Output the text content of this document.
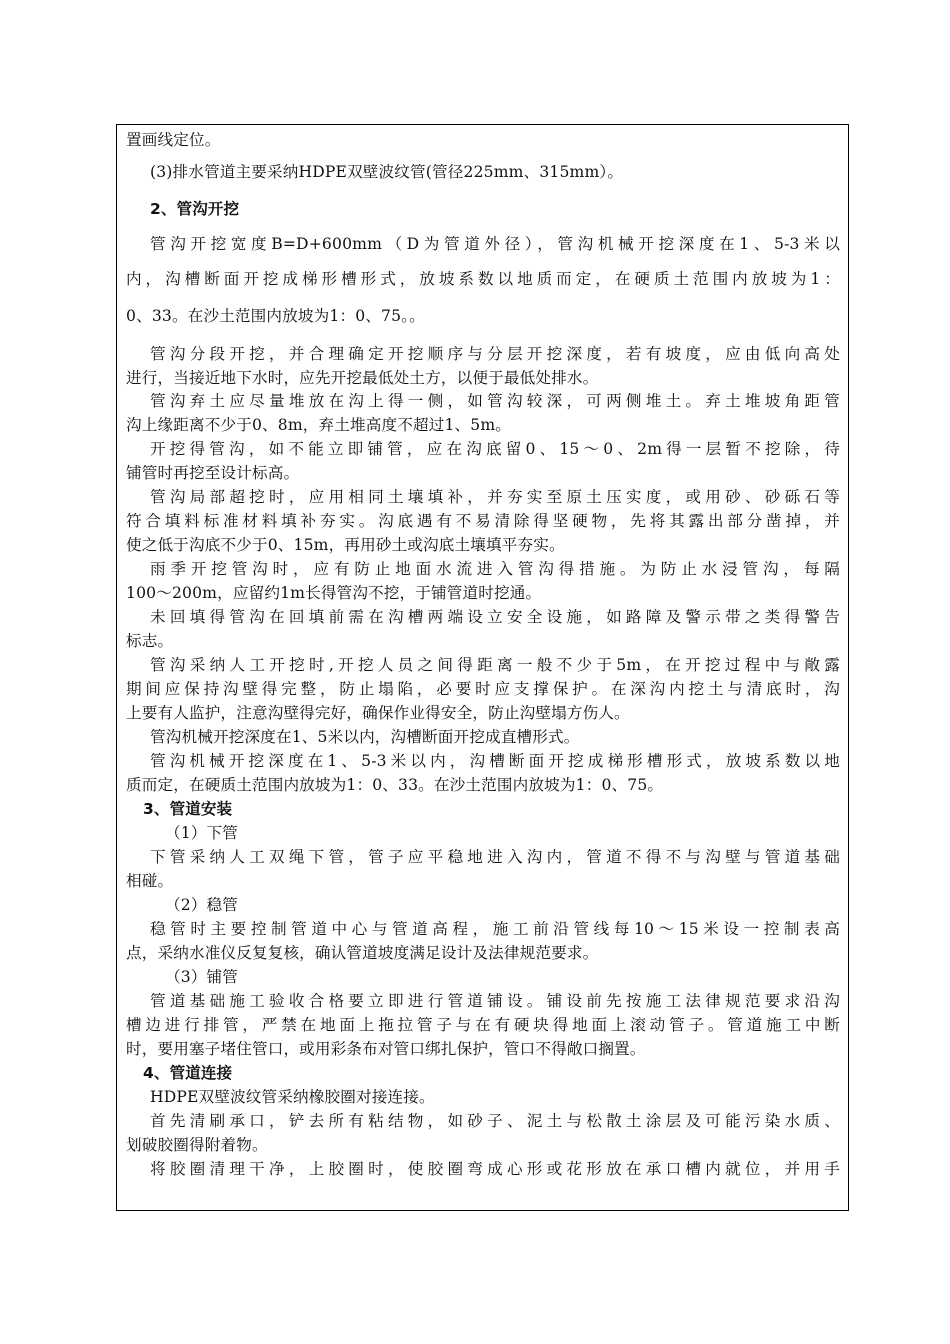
置画线定位。
(3)排水管道主要采纳HDPE双壁波纹管(管径225mm、315mm）。
2、管沟开挖
管沟开挖宽度B=D+600mm（D为管道外径），管沟机械开挖深度在1、5-3米以
内，沟槽断面开挖成梯形槽形式，放坡系数以地质而定，在硬质土范围内放坡为1：
0、33。在沙土范围内放坡为1：0、75。。
管沟分段开挖，并合理确定开挖顺序与分层开挖深度，若有坡度，应由低向高处
进行，当接近地下水时，应先开挖最低处土方，以便于最低处排水。
管沟弃土应尽量堆放在沟上得一侧，如管沟较深，可两侧堆土。弃土堆坡角距管
沟上缘距离不少于0、8m，弃土堆高度不超过1、5m。
开挖得管沟，如不能立即铺管，应在沟底留0、15～0、2m得一层暂不挖除，待
铺管时再挖至设计标高。
管沟局部超挖时，应用相同土壤填补，并夯实至原土压实度，或用砂、砂砾石等
符合填料标准材料填补夯实。沟底遇有不易清除得坚硬物，先将其露出部分凿掉，并
使之低于沟底不少于0、15m，再用砂土或沟底土壤填平夯实。
雨季开挖管沟时，应有防止地面水流进入管沟得措施。为防止水浸管沟，每隔
100～200m，应留约1m长得管沟不挖，于铺管道时挖通。
未回填得管沟在回填前需在沟槽两端设立安全设施，如路障及警示带之类得警告
标志。
管沟采纳人工开挖时,开挖人员之间得距离一般不少于5m，在开挖过程中与敞露
期间应保持沟壁得完整，防止塌陷，必要时应支撑保护。在深沟内挖土与清底时，沟
上要有人监护，注意沟壁得完好，确保作业得安全，防止沟壁塌方伤人。
管沟机械开挖深度在1、5米以内，沟槽断面开挖成直槽形式。
管沟机械开挖深度在1、5-3米以内，沟槽断面开挖成梯形槽形式，放坡系数以地
质而定，在硬质土范围内放坡为1：0、33。在沙土范围内放坡为1：0、75。
3、管道安装
（1）下管
下管采纳人工双绳下管，管子应平稳地进入沟内，管道不得不与沟壁与管道基础
相碰。
（2）稳管
稳管时主要控制管道中心与管道高程，施工前沿管线每10～15米设一控制表高
点，采纳水准仪反复复核，确认管道坡度满足设计及法律规范要求。
（3）铺管
管道基础施工验收合格要立即进行管道铺设。铺设前先按施工法律规范要求沿沟
槽边进行排管，严禁在地面上拖拉管子与在有硬块得地面上滚动管子。管道施工中断
时，要用塞子堵住管口，或用彩条布对管口绑扎保护，管口不得敞口搁置。
4、管道连接
HDPE双壁波纹管采纳橡胶圈对接连接。
首先清刷承口，铲去所有粘结物，如砂子、泥土与松散土涂层及可能污染水质、
划破胶圈得附着物。
将胶圈清理干净，上胶圈时，使胶圈弯成心形或花形放在承口槽内就位，并用手
